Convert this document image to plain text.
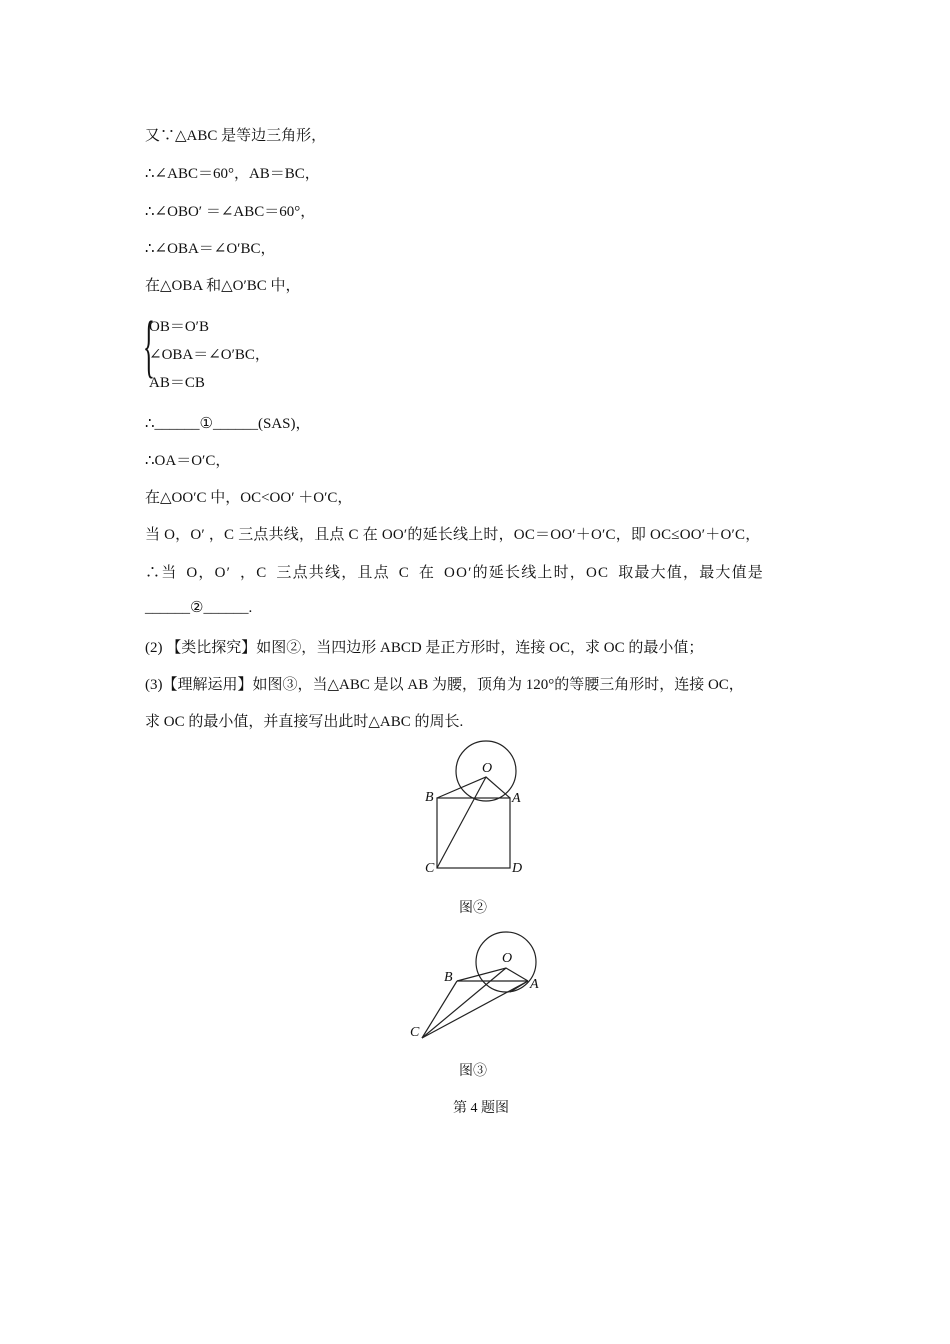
又∵△ABC 是等边三角形，
∴∠ABC＝60°，AB＝BC，
∴∠OBO′ ＝∠ABC＝60°，
∴∠OBA＝∠O′BC，
在△OBA 和△O′BC 中，
{
OB＝O′B
∠OBA＝∠O′BC，
AB＝CB
∴______①______(SAS)，
∴OA＝O′C，
在△OO′C 中，OC<OO′ ＋O′C，
当 O，O′ ，C 三点共线，且点 C 在 OO′的延长线上时，OC＝OO′＋O′C，即 OC≤OO′＋O′C，
∴当 O，O′ ，C 三点共线，且点 C 在 OO′的延长线上时，OC 取最大值，最大值是
______②______.
(2) 【类比探究】如图②，当四边形 ABCD 是正方形时，连接 OC，求 OC 的最小值；
(3)【理解运用】如图③，当△ABC 是以 AB 为腰，顶角为 120°的等腰三角形时，连接 OC，
求 OC 的最小值，并直接写出此时△ABC 的周长.
O
B	A
C	D
图②
O
B	A
C
图③
第 4 题图
